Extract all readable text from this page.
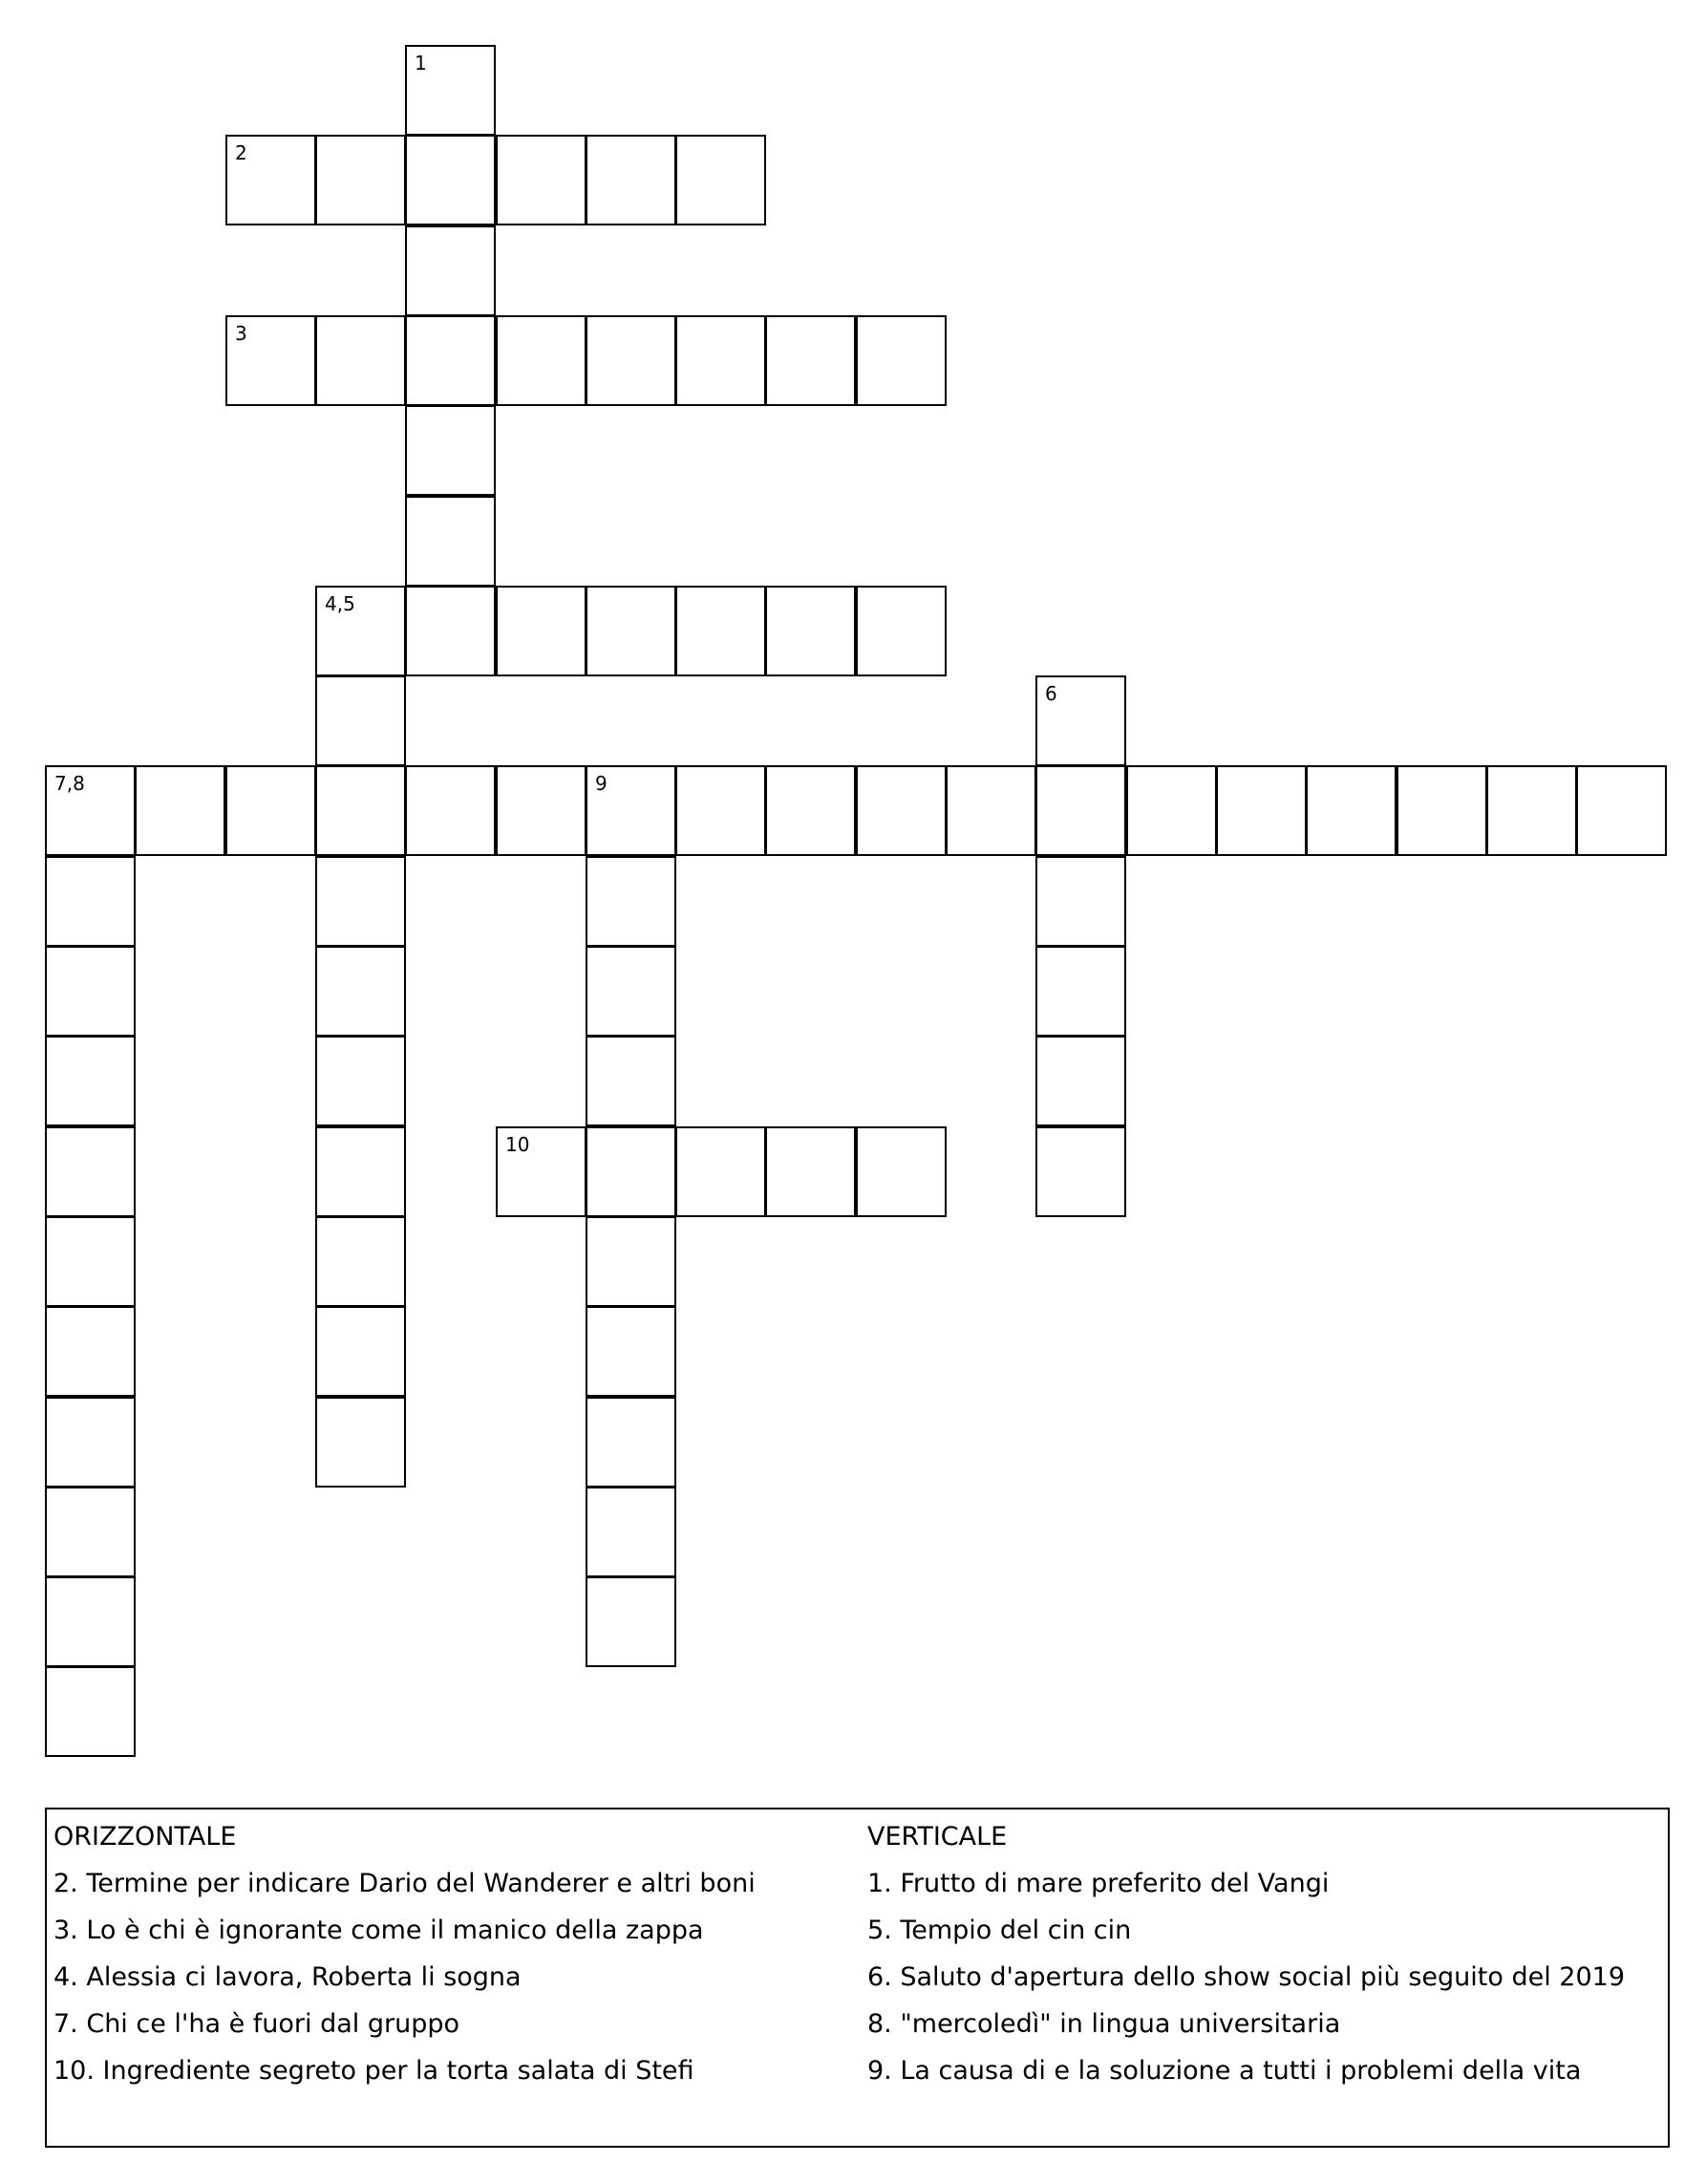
1
2
3
4,5
6
7,8	9
10
ORIZZONTALE
2. Termine per indicare Dario del Wanderer e altri boni
3. Lo è chi è ignorante come il manico della zappa
4. Alessia ci lavora, Roberta li sogna
7. Chi ce l'ha è fuori dal gruppo
10. Ingrediente segreto per la torta salata di Stefi
VERTICALE
1. Frutto di mare preferito del Vangi
5. Tempio del cin cin
6. Saluto d'apertura dello show social più seguito del 2019
8. "mercoledì" in lingua universitaria
9. La causa di e la soluzione a tutti i problemi della vita
